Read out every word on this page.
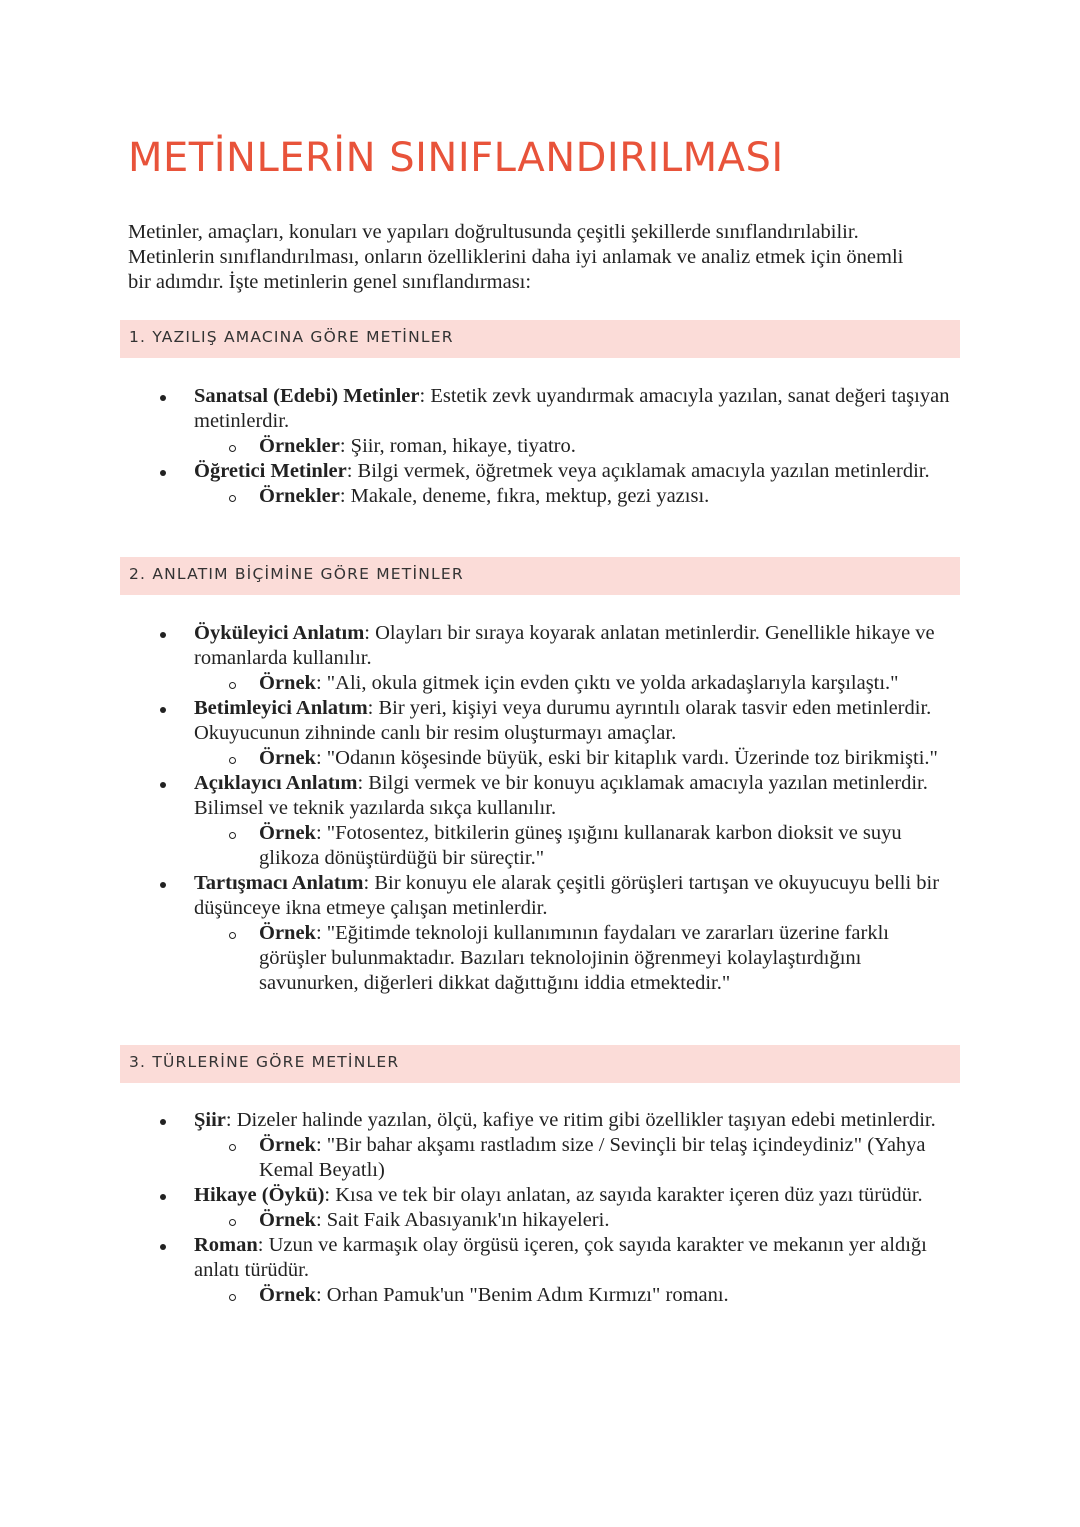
METİNLERİN SINIFLANDIRILMASI

Metinler, amaçları, konuları ve yapıları doğrultusunda çeşitli şekillerde sınıflandırılabilir. Metinlerin sınıflandırılması, onların özelliklerini daha iyi anlamak ve analiz etmek için önemli bir adımdır. İşte metinlerin genel sınıflandırması:

1. YAZILIŞ AMACINA GÖRE METİNLER
Sanatsal (Edebi) Metinler: Estetik zevk uyandırmak amacıyla yazılan, sanat değeri taşıyan metinlerdir.
Örnekler: Şiir, roman, hikaye, tiyatro.
Öğretici Metinler: Bilgi vermek, öğretmek veya açıklamak amacıyla yazılan metinlerdir.
Örnekler: Makale, deneme, fıkra, mektup, gezi yazısı.
2. ANLATIM BİÇİMİNE GÖRE METİNLER
Öyküleyici Anlatım: Olayları bir sıraya koyarak anlatan metinlerdir. Genellikle hikaye ve romanlarda kullanılır.
Örnek: "Ali, okula gitmek için evden çıktı ve yolda arkadaşlarıyla karşılaştı."
Betimleyici Anlatım: Bir yeri, kişiyi veya durumu ayrıntılı olarak tasvir eden metinlerdir. Okuyucunun zihninde canlı bir resim oluşturmayı amaçlar.
Örnek: "Odanın köşesinde büyük, eski bir kitaplık vardı. Üzerinde toz birikmişti."
Açıklayıcı Anlatım: Bilgi vermek ve bir konuyu açıklamak amacıyla yazılan metinlerdir. Bilimsel ve teknik yazılarda sıkça kullanılır.
Örnek: "Fotosentez, bitkilerin güneş ışığını kullanarak karbon dioksit ve suyu glikoza dönüştürdüğü bir süreçtir."
Tartışmacı Anlatım: Bir konuyu ele alarak çeşitli görüşleri tartışan ve okuyucuyu belli bir düşünceye ikna etmeye çalışan metinlerdir.
Örnek: "Eğitimde teknoloji kullanımının faydaları ve zararları üzerine farklı görüşler bulunmaktadır. Bazıları teknolojinin öğrenmeyi kolaylaştırdığını savunurken, diğerleri dikkat dağıttığını iddia etmektedir."
3. TÜRLERİNE GÖRE METİNLER
Şiir: Dizeler halinde yazılan, ölçü, kafiye ve ritim gibi özellikler taşıyan edebi metinlerdir.
Örnek: "Bir bahar akşamı rastladım size / Sevinçli bir telaş içindeydiniz" (Yahya Kemal Beyatlı)
Hikaye (Öykü): Kısa ve tek bir olayı anlatan, az sayıda karakter içeren düz yazı türüdür.
Örnek: Sait Faik Abasıyanık'ın hikayeleri.
Roman: Uzun ve karmaşık olay örgüsü içeren, çok sayıda karakter ve mekanın yer aldığı anlatı türüdür.
Örnek: Orhan Pamuk'un "Benim Adım Kırmızı" romanı.
